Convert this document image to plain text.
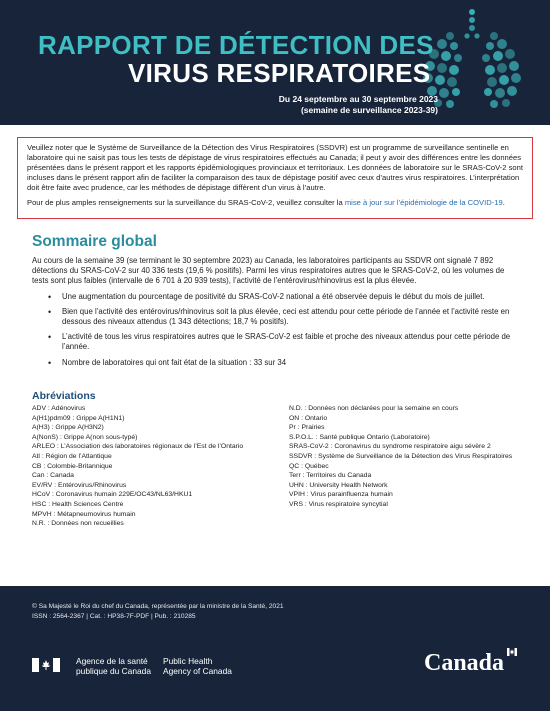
RAPPORT DE DÉTECTION DES
VIRUS RESPIRATOIRES
Du 24 septembre au 30 septembre 2023
(semaine de surveillance 2023-39)

Veuillez noter que le Système de Surveillance de la Détection des Virus Respiratoires (SSDVR) est un programme de surveillance sentinelle en laboratoire qui ne saisit pas tous les tests de dépistage de virus respiratoires effectués au Canada; il peut y avoir des différences entre les données présentées dans le présent rapport et les rapports épidémiologiques provinciaux et territoriaux. Les données de laboratoire sur le SRAS-CoV-2 sont incluses dans le présent rapport afin de faciliter la comparaison des taux de dépistage positif avec ceux d’autres virus respiratoires. L’interprétation doit être faite avec prudence, car les méthodes de dépistage diffèrent d’un virus à l’autre.

Pour de plus amples renseignements sur la surveillance du SRAS-CoV-2, veuillez consulter la mise à jour sur l’épidémiologie de la COVID-19.

Sommaire global

Au cours de la semaine 39 (se terminant le 30 septembre 2023) au Canada, les laboratoires participants au SSDVR ont signalé 7 892 détections du SRAS-CoV-2 sur 40 336 tests (19,6 % positifs). Parmi les virus respiratoires autres que le SRAS-CoV-2, où les volumes de tests sont plus faibles (intervalle de 6 701 à 20 939 tests), l’activité de l’entérovirus/rhinovirus est la plus élevée.

• Une augmentation du pourcentage de positivité du SRAS-CoV-2 national a été observée depuis le début du mois de juillet.
• Bien que l’activité des entérovirus/rhinovirus soit la plus élevée, ceci est attendu pour cette période de l’année et l’activité reste en dessous des niveaux attendus (1 343 détections; 18,7 % positifs).
• L’activité de tous les virus respiratoires autres que le SRAS-CoV-2 est faible et proche des niveaux attendus pour cette période de l’année.
• Nombre de laboratoires qui ont fait état de la situation : 33 sur 34
Abréviations
ADV : Adénovirus
A(H1)pdm09 : Grippe A(H1N1)
A(H3) : Grippe A(H3N2)
A(NonS) : Grippe A(non sous-typé)
ARLEO : L’Association des laboratoires régionaux de l’Est de l’Ontario
Atl : Région de l’Atlantique
CB : Colombie-Britannique
Can : Canada
EV/RV : Entérovirus/Rhinovirus
HCoV : Coronavirus humain 229E/OC43/NL63/HKU1
HSC : Health Sciences Centre
MPVH : Métapneumovirus humain
N.R. : Données non recueillies
N.D. : Données non déclarées pour la semaine en cours
ON : Ontario
Pr : Prairies
S.P.O.L. : Santé publique Ontario (Laboratoire)
SRAS-CoV-2 : Coronavirus du syndrome respiratoire aigu sévère 2
SSDVR : Système de Surveillance de la Détection des Virus Respiratoires
QC : Québec
Terr : Territoires du Canada
UHN : University Health Network
VPIH : Virus parainfluenza humain
VRS : Virus respiratoire syncytial
© Sa Majesté le Roi du chef du Canada, représentée par la ministre de la Santé, 2021
ISSN : 2564-2367 | Cat. : HP38-7F-PDF | Pub. : 210285
Agence de la santé
publique du Canada
Public Health
Agency of Canada	Canada
